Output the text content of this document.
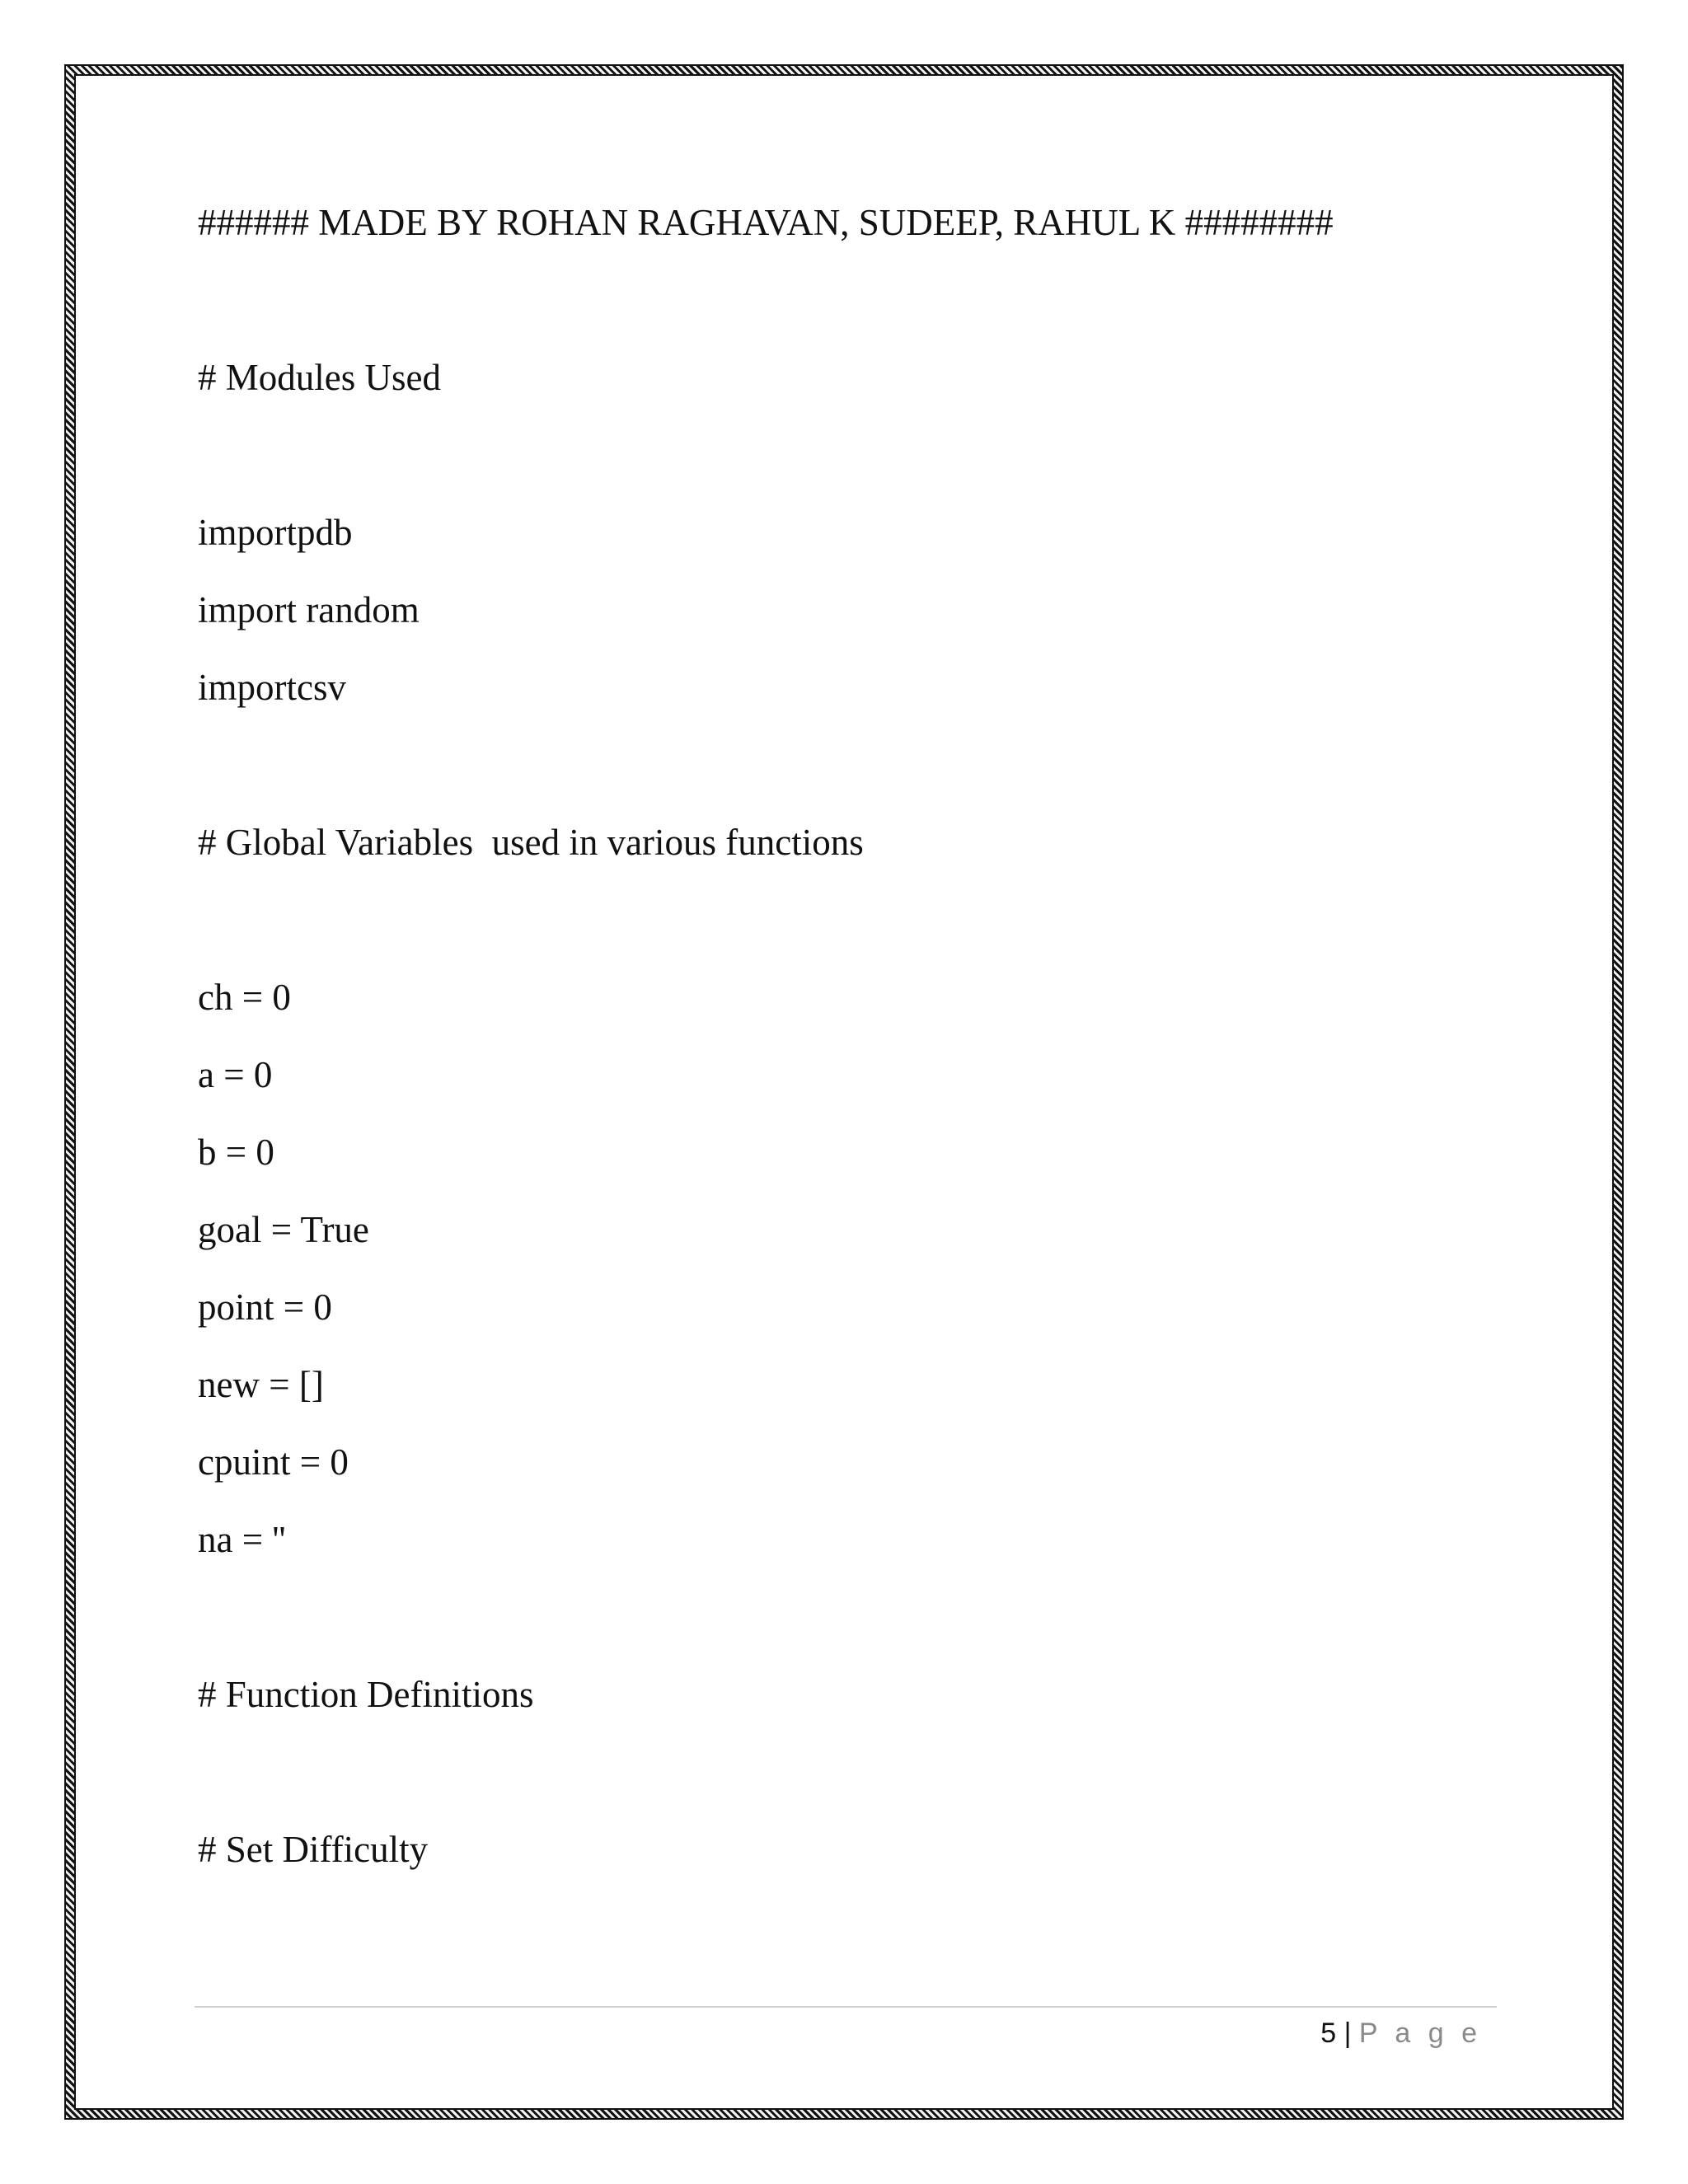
###### MADE BY ROHAN RAGHAVAN, SUDEEP, RAHUL K ########
# Modules Used
importpdb
import random
importcsv
# Global Variables  used in various functions
ch = 0
a = 0
b = 0
goal = True
point = 0
new = []
cpuint = 0
na = ''
# Function Definitions
# Set Difficulty
5 | P a g e
